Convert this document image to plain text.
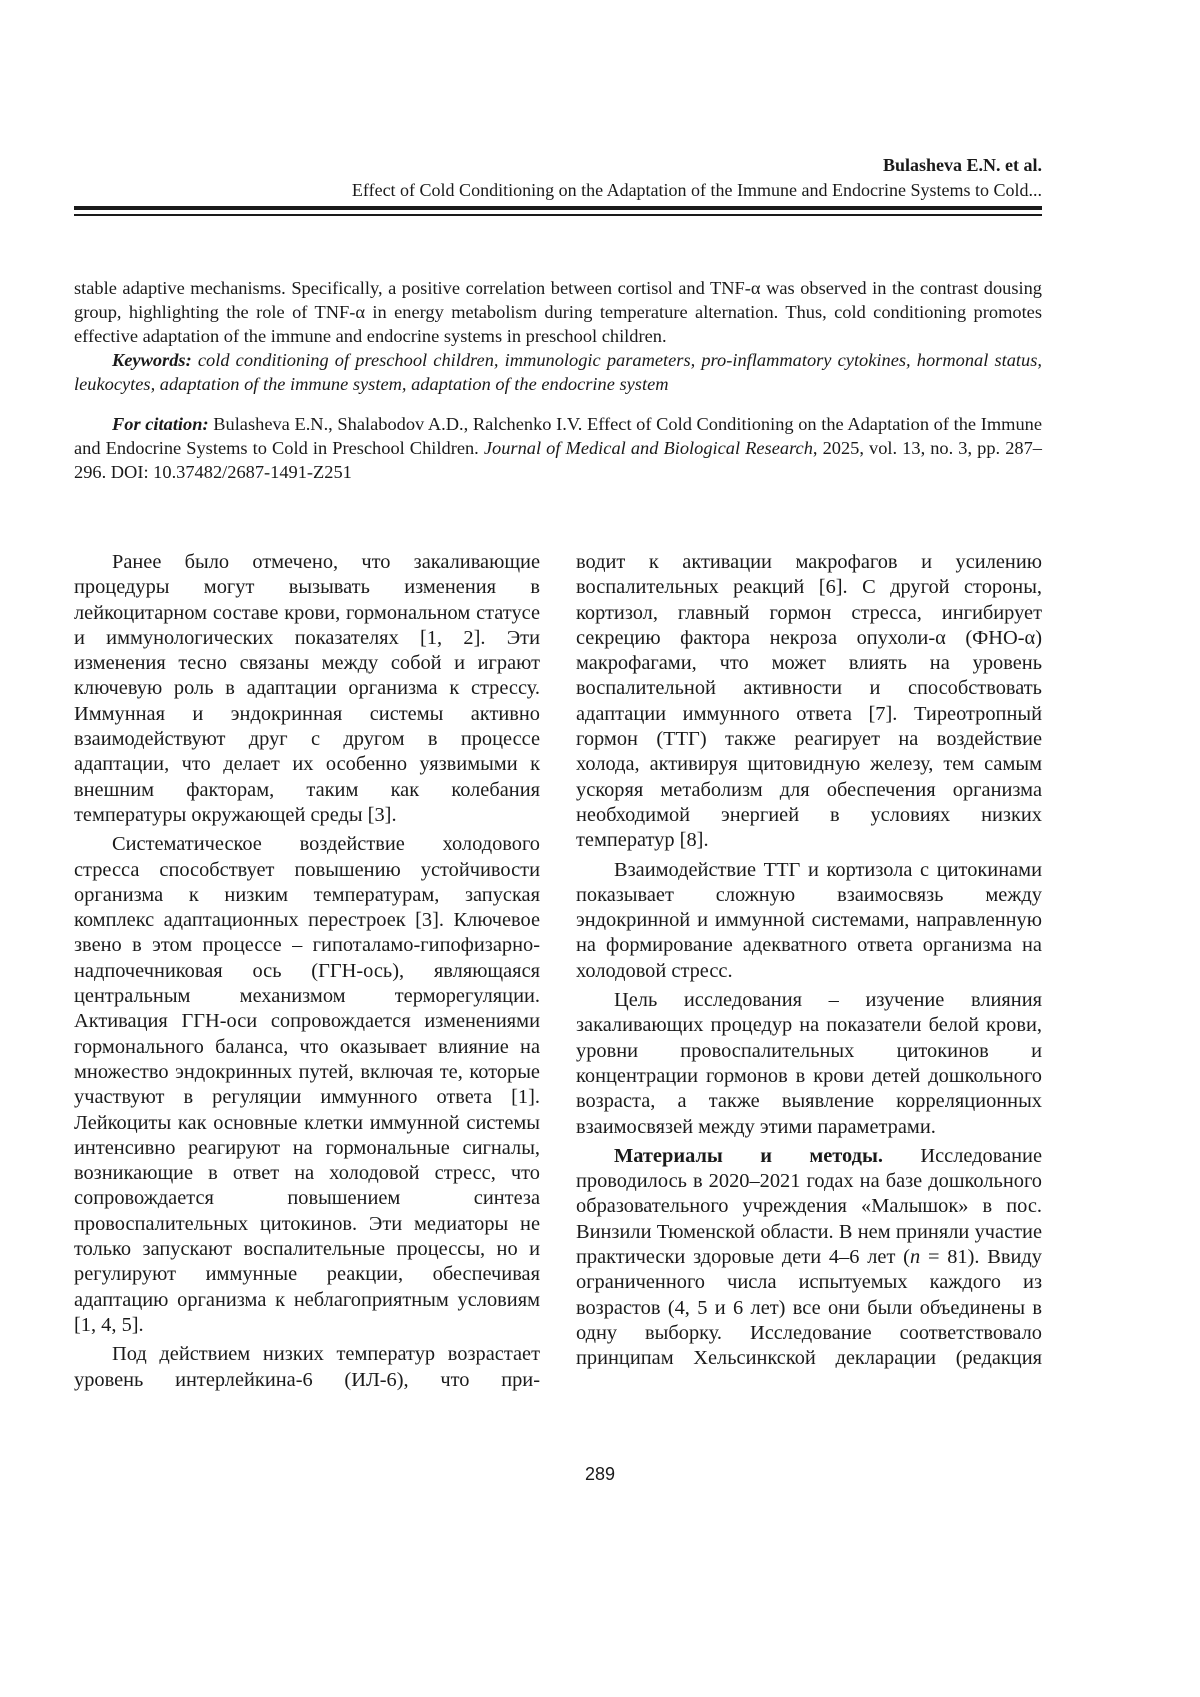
Bulasheva E.N. et al.
Effect of Cold Conditioning on the Adaptation of the Immune and Endocrine Systems to Cold...

stable adaptive mechanisms. Specifically, a positive correlation between cortisol and TNF-α was observed in the contrast dousing group, highlighting the role of TNF-α in energy metabolism during temperature alternation. Thus, cold conditioning promotes effective adaptation of the immune and endocrine systems in preschool children.

Keywords: cold conditioning of preschool children, immunologic parameters, pro-inflammatory cytokines, hormonal status, leukocytes, adaptation of the immune system, adaptation of the endocrine system

For citation: Bulasheva E.N., Shalabodov A.D., Ralchenko I.V. Effect of Cold Conditioning on the Adaptation of the Immune and Endocrine Systems to Cold in Preschool Children. Journal of Medical and Biological Research, 2025, vol. 13, no. 3, pp. 287–296. DOI: 10.37482/2687-1491-Z251

Ранее было отмечено, что закаливающие процедуры могут вызывать изменения в лейкоцитарном составе крови, гормональном статусе и иммунологических показателях [1, 2]. Эти изменения тесно связаны между собой и играют ключевую роль в адаптации организма к стрессу. Иммунная и эндокринная системы активно взаимодействуют друг с другом в процессе адаптации, что делает их особенно уязвимыми к внешним факторам, таким как колебания температуры окружающей среды [3].

Систематическое воздействие холодового стресса способствует повышению устойчивости организма к низким температурам, запуская комплекс адаптационных перестроек [3]. Ключевое звено в этом процессе – гипоталамо-гипофизарно-надпочечниковая ось (ГГН-ось), являющаяся центральным механизмом терморегуляции. Активация ГГН-оси сопровождается изменениями гормонального баланса, что оказывает влияние на множество эндокринных путей, включая те, которые участвуют в регуляции иммунного ответа [1]. Лейкоциты как основные клетки иммунной системы интенсивно реагируют на гормональные сигналы, возникающие в ответ на холодовой стресс, что сопровождается повышением синтеза провоспалительных цитокинов. Эти медиаторы не только запускают воспалительные процессы, но и регулируют иммунные реакции, обеспечивая адаптацию организма к неблагоприятным условиям [1, 4, 5].

Под действием низких температур возрастает уровень интерлейкина-6 (ИЛ-6), что при-

водит к активации макрофагов и усилению воспалительных реакций [6]. С другой стороны, кортизол, главный гормон стресса, ингибирует секрецию фактора некроза опухоли-α (ФНО-α) макрофагами, что может влиять на уровень воспалительной активности и способствовать адаптации иммунного ответа [7]. Тиреотропный гормон (ТТГ) также реагирует на воздействие холода, активируя щитовидную железу, тем самым ускоряя метаболизм для обеспечения организма необходимой энергией в условиях низких температур [8].

Взаимодействие ТТГ и кортизола с цитокинами показывает сложную взаимосвязь между эндокринной и иммунной системами, направленную на формирование адекватного ответа организма на холодовой стресс.

Цель исследования – изучение влияния закаливающих процедур на показатели белой крови, уровни провоспалительных цитокинов и концентрации гормонов в крови детей дошкольного возраста, а также выявление корреляционных взаимосвязей между этими параметрами.

Материалы и методы. Исследование проводилось в 2020–2021 годах на базе дошкольного образовательного учреждения «Малышок» в пос. Винзили Тюменской области. В нем приняли участие практически здоровые дети 4–6 лет (n = 81). Ввиду ограниченного числа испытуемых каждого из возрастов (4, 5 и 6 лет) все они были объединены в одну выборку. Исследование соответствовало принципам Хельсинкской декларации (редакция

289
